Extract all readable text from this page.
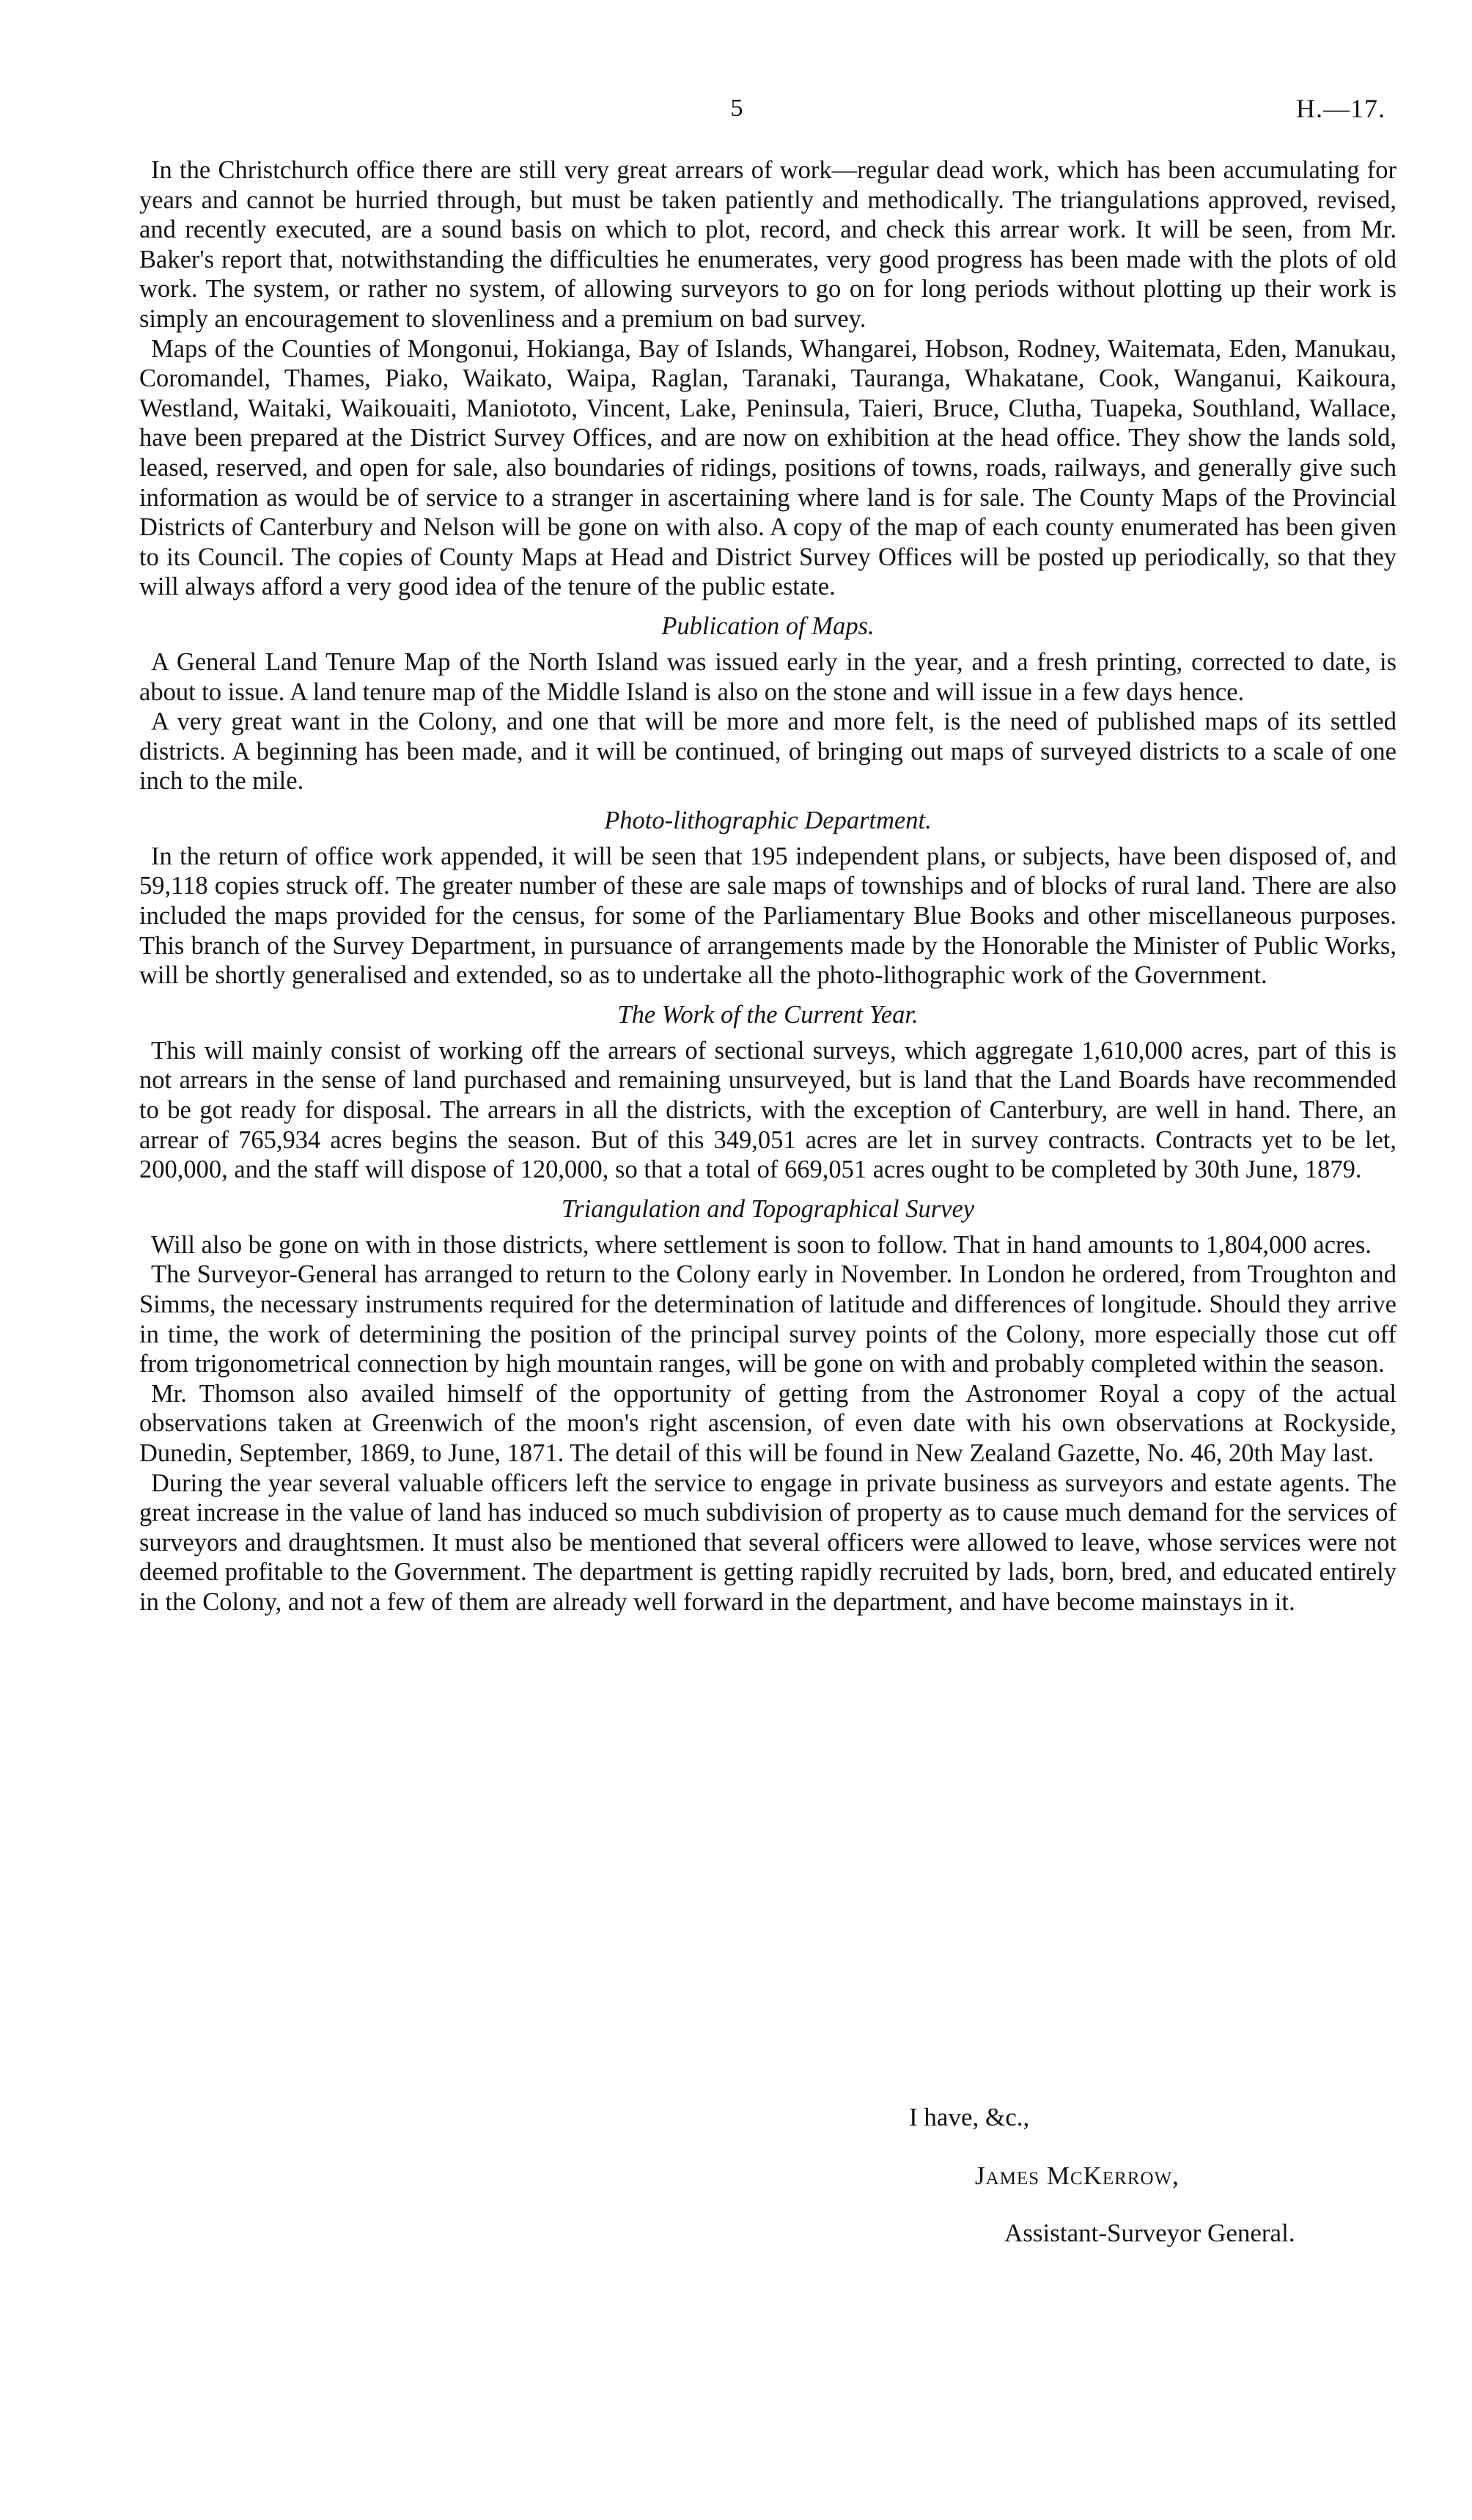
5	H.—17.

In the Christchurch office there are still very great arrears of work—regular dead work, which has been accumulating for years and cannot be hurried through, but must be taken patiently and methodically. The triangulations approved, revised, and recently executed, are a sound basis on which to plot, record, and check this arrear work. It will be seen, from Mr. Baker's report that, notwithstanding the difficulties he enumerates, very good progress has been made with the plots of old work. The system, or rather no system, of allowing surveyors to go on for long periods without plotting up their work is simply an encouragement to slovenliness and a premium on bad survey.

Maps of the Counties of Mongonui, Hokianga, Bay of Islands, Whangarei, Hobson, Rodney, Waitemata, Eden, Manukau, Coromandel, Thames, Piako, Waikato, Waipa, Raglan, Taranaki, Tauranga, Whakatane, Cook, Wanganui, Kaikoura, Westland, Waitaki, Waikouaiti, Maniototo, Vincent, Lake, Peninsula, Taieri, Bruce, Clutha, Tuapeka, Southland, Wallace, have been prepared at the District Survey Offices, and are now on exhibition at the head office. They show the lands sold, leased, reserved, and open for sale, also boundaries of ridings, positions of towns, roads, railways, and generally give such information as would be of service to a stranger in ascertaining where land is for sale. The County Maps of the Provincial Districts of Canterbury and Nelson will be gone on with also. A copy of the map of each county enumerated has been given to its Council. The copies of County Maps at Head and District Survey Offices will be posted up periodically, so that they will always afford a very good idea of the tenure of the public estate.

Publication of Maps.

A General Land Tenure Map of the North Island was issued early in the year, and a fresh printing, corrected to date, is about to issue. A land tenure map of the Middle Island is also on the stone and will issue in a few days hence.

A very great want in the Colony, and one that will be more and more felt, is the need of published maps of its settled districts. A beginning has been made, and it will be continued, of bringing out maps of surveyed districts to a scale of one inch to the mile.

Photo-lithographic Department.

In the return of office work appended, it will be seen that 195 independent plans, or subjects, have been disposed of, and 59,118 copies struck off. The greater number of these are sale maps of townships and of blocks of rural land. There are also included the maps provided for the census, for some of the Parliamentary Blue Books and other miscellaneous purposes. This branch of the Survey Department, in pursuance of arrangements made by the Honorable the Minister of Public Works, will be shortly generalised and extended, so as to undertake all the photo-lithographic work of the Government.

The Work of the Current Year.

This will mainly consist of working off the arrears of sectional surveys, which aggregate 1,610,000 acres, part of this is not arrears in the sense of land purchased and remaining unsurveyed, but is land that the Land Boards have recommended to be got ready for disposal. The arrears in all the districts, with the exception of Canterbury, are well in hand. There, an arrear of 765,934 acres begins the season. But of this 349,051 acres are let in survey contracts. Contracts yet to be let, 200,000, and the staff will dispose of 120,000, so that a total of 669,051 acres ought to be completed by 30th June, 1879.

Triangulation and Topographical Survey

Will also be gone on with in those districts, where settlement is soon to follow. That in hand amounts to 1,804,000 acres.

The Surveyor-General has arranged to return to the Colony early in November. In London he ordered, from Troughton and Simms, the necessary instruments required for the determination of latitude and differences of longitude. Should they arrive in time, the work of determining the position of the principal survey points of the Colony, more especially those cut off from trigonometrical connection by high mountain ranges, will be gone on with and probably completed within the season.

Mr. Thomson also availed himself of the opportunity of getting from the Astronomer Royal a copy of the actual observations taken at Greenwich of the moon's right ascension, of even date with his own observations at Rockyside, Dunedin, September, 1869, to June, 1871. The detail of this will be found in New Zealand Gazette, No. 46, 20th May last.

During the year several valuable officers left the service to engage in private business as surveyors and estate agents. The great increase in the value of land has induced so much subdivision of property as to cause much demand for the services of surveyors and draughtsmen. It must also be mentioned that several officers were allowed to leave, whose services were not deemed profitable to the Government. The department is getting rapidly recruited by lads, born, bred, and educated entirely in the Colony, and not a few of them are already well forward in the department, and have become mainstays in it.

I have, &c.,
James McKerrow,
Assistant-Surveyor General.
